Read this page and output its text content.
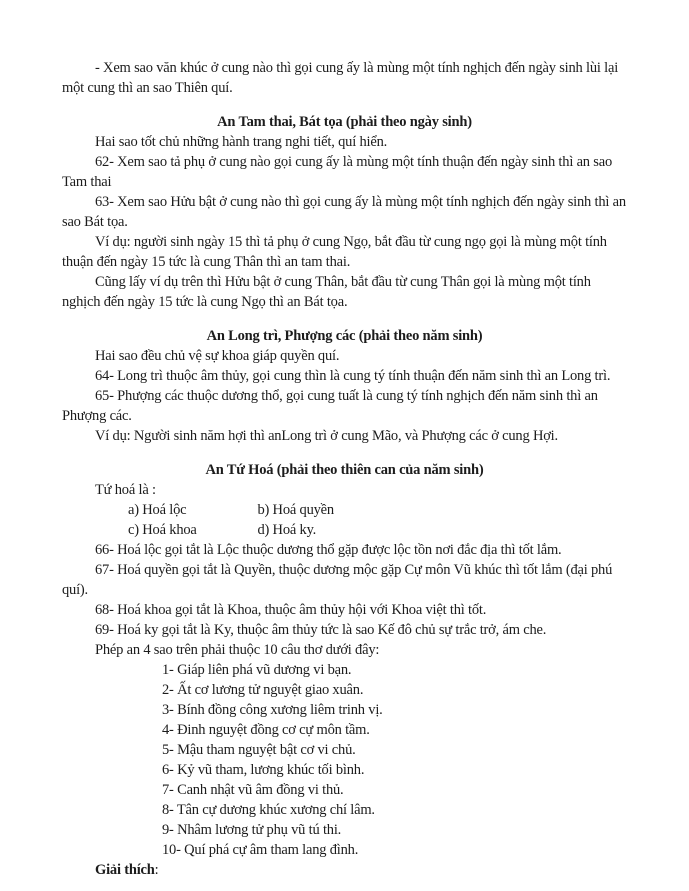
- Xem sao văn khúc ở cung nào thì gọi cung ấy là mùng một tính nghịch đến ngày sinh lùi lại một cung thì an sao Thiên quí.

An Tam thai, Bát tọa (phải theo ngày sinh)

Hai sao tốt chủ những hành trang nghi tiết, quí hiển.

62- Xem sao tả phụ ở cung nào gọi cung ấy là mùng một tính thuận đến ngày sinh thì an sao Tam thai

63- Xem sao Hửu bật ở cung nào thì gọi cung ấy là mùng một tính nghịch đến ngày sinh thì an sao Bát tọa.

Ví dụ: người sinh ngày 15 thì tả phụ ở cung Ngọ, bắt đầu từ cung ngọ gọi là mùng một tính thuận đến ngày 15 tức là cung Thân thì an tam thai.

Cũng lấy ví dụ trên thì Hửu bật ở cung Thân, bắt đầu từ cung Thân gọi là mùng một tính nghịch đến ngày 15 tức là cung Ngọ thì an Bát tọa.

An Long trì, Phượng các (phải theo năm sinh)

Hai sao đều chủ vệ sự khoa giáp quyền quí.

64- Long trì thuộc âm thủy, gọi cung thìn là cung tý tính thuận đến năm sinh thì an Long trì.

65- Phượng các thuộc dương thổ, gọi cung tuất là cung tý tính nghịch đến năm sinh thì an Phượng các.

Ví dụ: Người sinh năm hợi thì anLong trì ở cung Mão, và Phượng các ở cung Hợi.

An Tứ Hoá (phải theo thiên can của năm sinh)

Tứ hoá là :

a) Hoá lộc	b) Hoá quyền

c) Hoá khoa	d) Hoá ky.

66- Hoá lộc gọi tắt là Lộc thuộc dương thổ gặp được lộc tồn nơi đắc địa thì tốt lắm.

67- Hoá quyền gọi tắt là Quyền, thuộc dương mộc gặp Cự môn Vũ khúc thì tốt lắm (đại phú quí).

68- Hoá khoa gọi tắt là Khoa, thuộc âm thủy hội với Khoa việt thì tốt.

69- Hoá ky gọi tắt là Ky, thuộc âm thủy tức là sao Kế đô chủ sự trắc trở, ám che.

Phép an 4 sao trên phải thuộc 10 câu thơ dưới đây:

1- Giáp liên phá vũ dương vi bạn.

2- Ất cơ lương tử nguyệt giao xuân.

3- Bính đồng công xương liêm trinh vị.

4- Đinh nguyệt đồng cơ cự môn tầm.

5- Mậu tham nguyệt bật cơ vi chủ.

6- Kỷ vũ tham, lương khúc tối bình.

7- Canh nhật vũ âm đồng vi thủ.

8- Tân cự dương khúc xương chí lâm.

9- Nhâm lương tử phụ vũ tú thi.

10- Quí phá cự âm tham lang đình.

Giải thích:
